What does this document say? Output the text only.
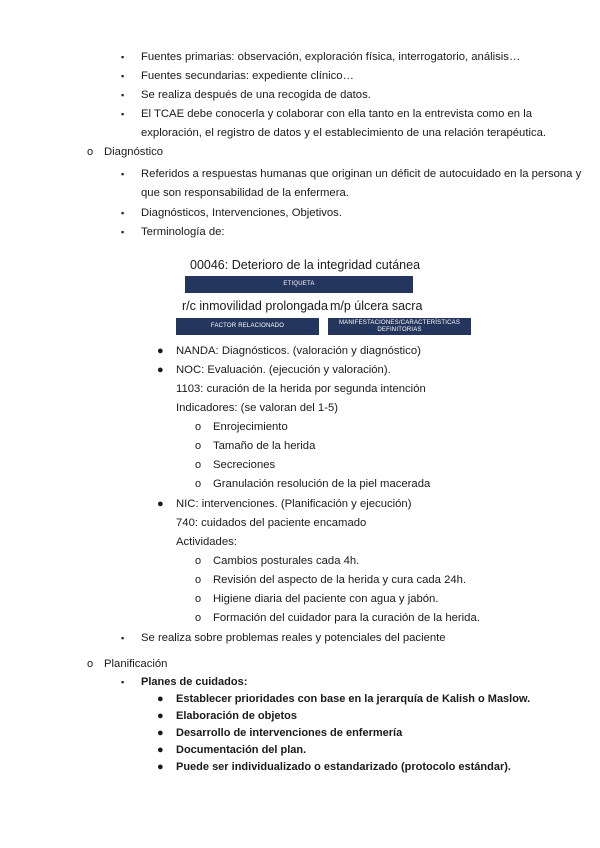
▪ Fuentes primarias: observación, exploración física, interrogatorio, análisis…
▪ Fuentes secundarias: expediente clínico…
▪ Se realiza después de una recogida de datos.
▪ El TCAE debe conocerla y colaborar con ella tanto en la entrevista como en la
exploración, el registro de datos y el establecimiento de una relación terapéutica.
o Diagnóstico
▪ Referidos a respuestas humanas que originan un déficit de autocuidado en la persona y
que son responsabilidad de la enfermera.
▪ Diagnósticos, Intervenciones, Objetivos.
▪ Terminología de:
00046: Deterioro de la integridad cutánea
ETIQUETA
r/c inmovilidad prolongada m/p úlcera sacra
FACTOR RELACIONADO	MANIFESTACIONES/CARACTERÍSTICAS
DEFINITORIAS
● NANDA: Diagnósticos. (valoración y diagnóstico)
● NOC: Evaluación. (ejecución y valoración).
1103: curación de la herida por segunda intención
Indicadores: (se valoran del 1-5)
o Enrojecimiento
o Tamaño de la herida
o Secreciones
o Granulación resolución de la piel macerada
● NIC: intervenciones. (Planificación y ejecución)
740: cuidados del paciente encamado
Actividades:
o Cambios posturales cada 4h.
o Revisión del aspecto de la herida y cura cada 24h.
o Higiene diaria del paciente con agua y jabón.
o Formación del cuidador para la curación de la herida.
▪ Se realiza sobre problemas reales y potenciales del paciente
o Planificación
▪ Planes de cuidados:
● Establecer prioridades con base en la jerarquía de Kalish o Maslow.
● Elaboración de objetos
● Desarrollo de intervenciones de enfermería
● Documentación del plan.
● Puede ser individualizado o estandarizado (protocolo estándar).
